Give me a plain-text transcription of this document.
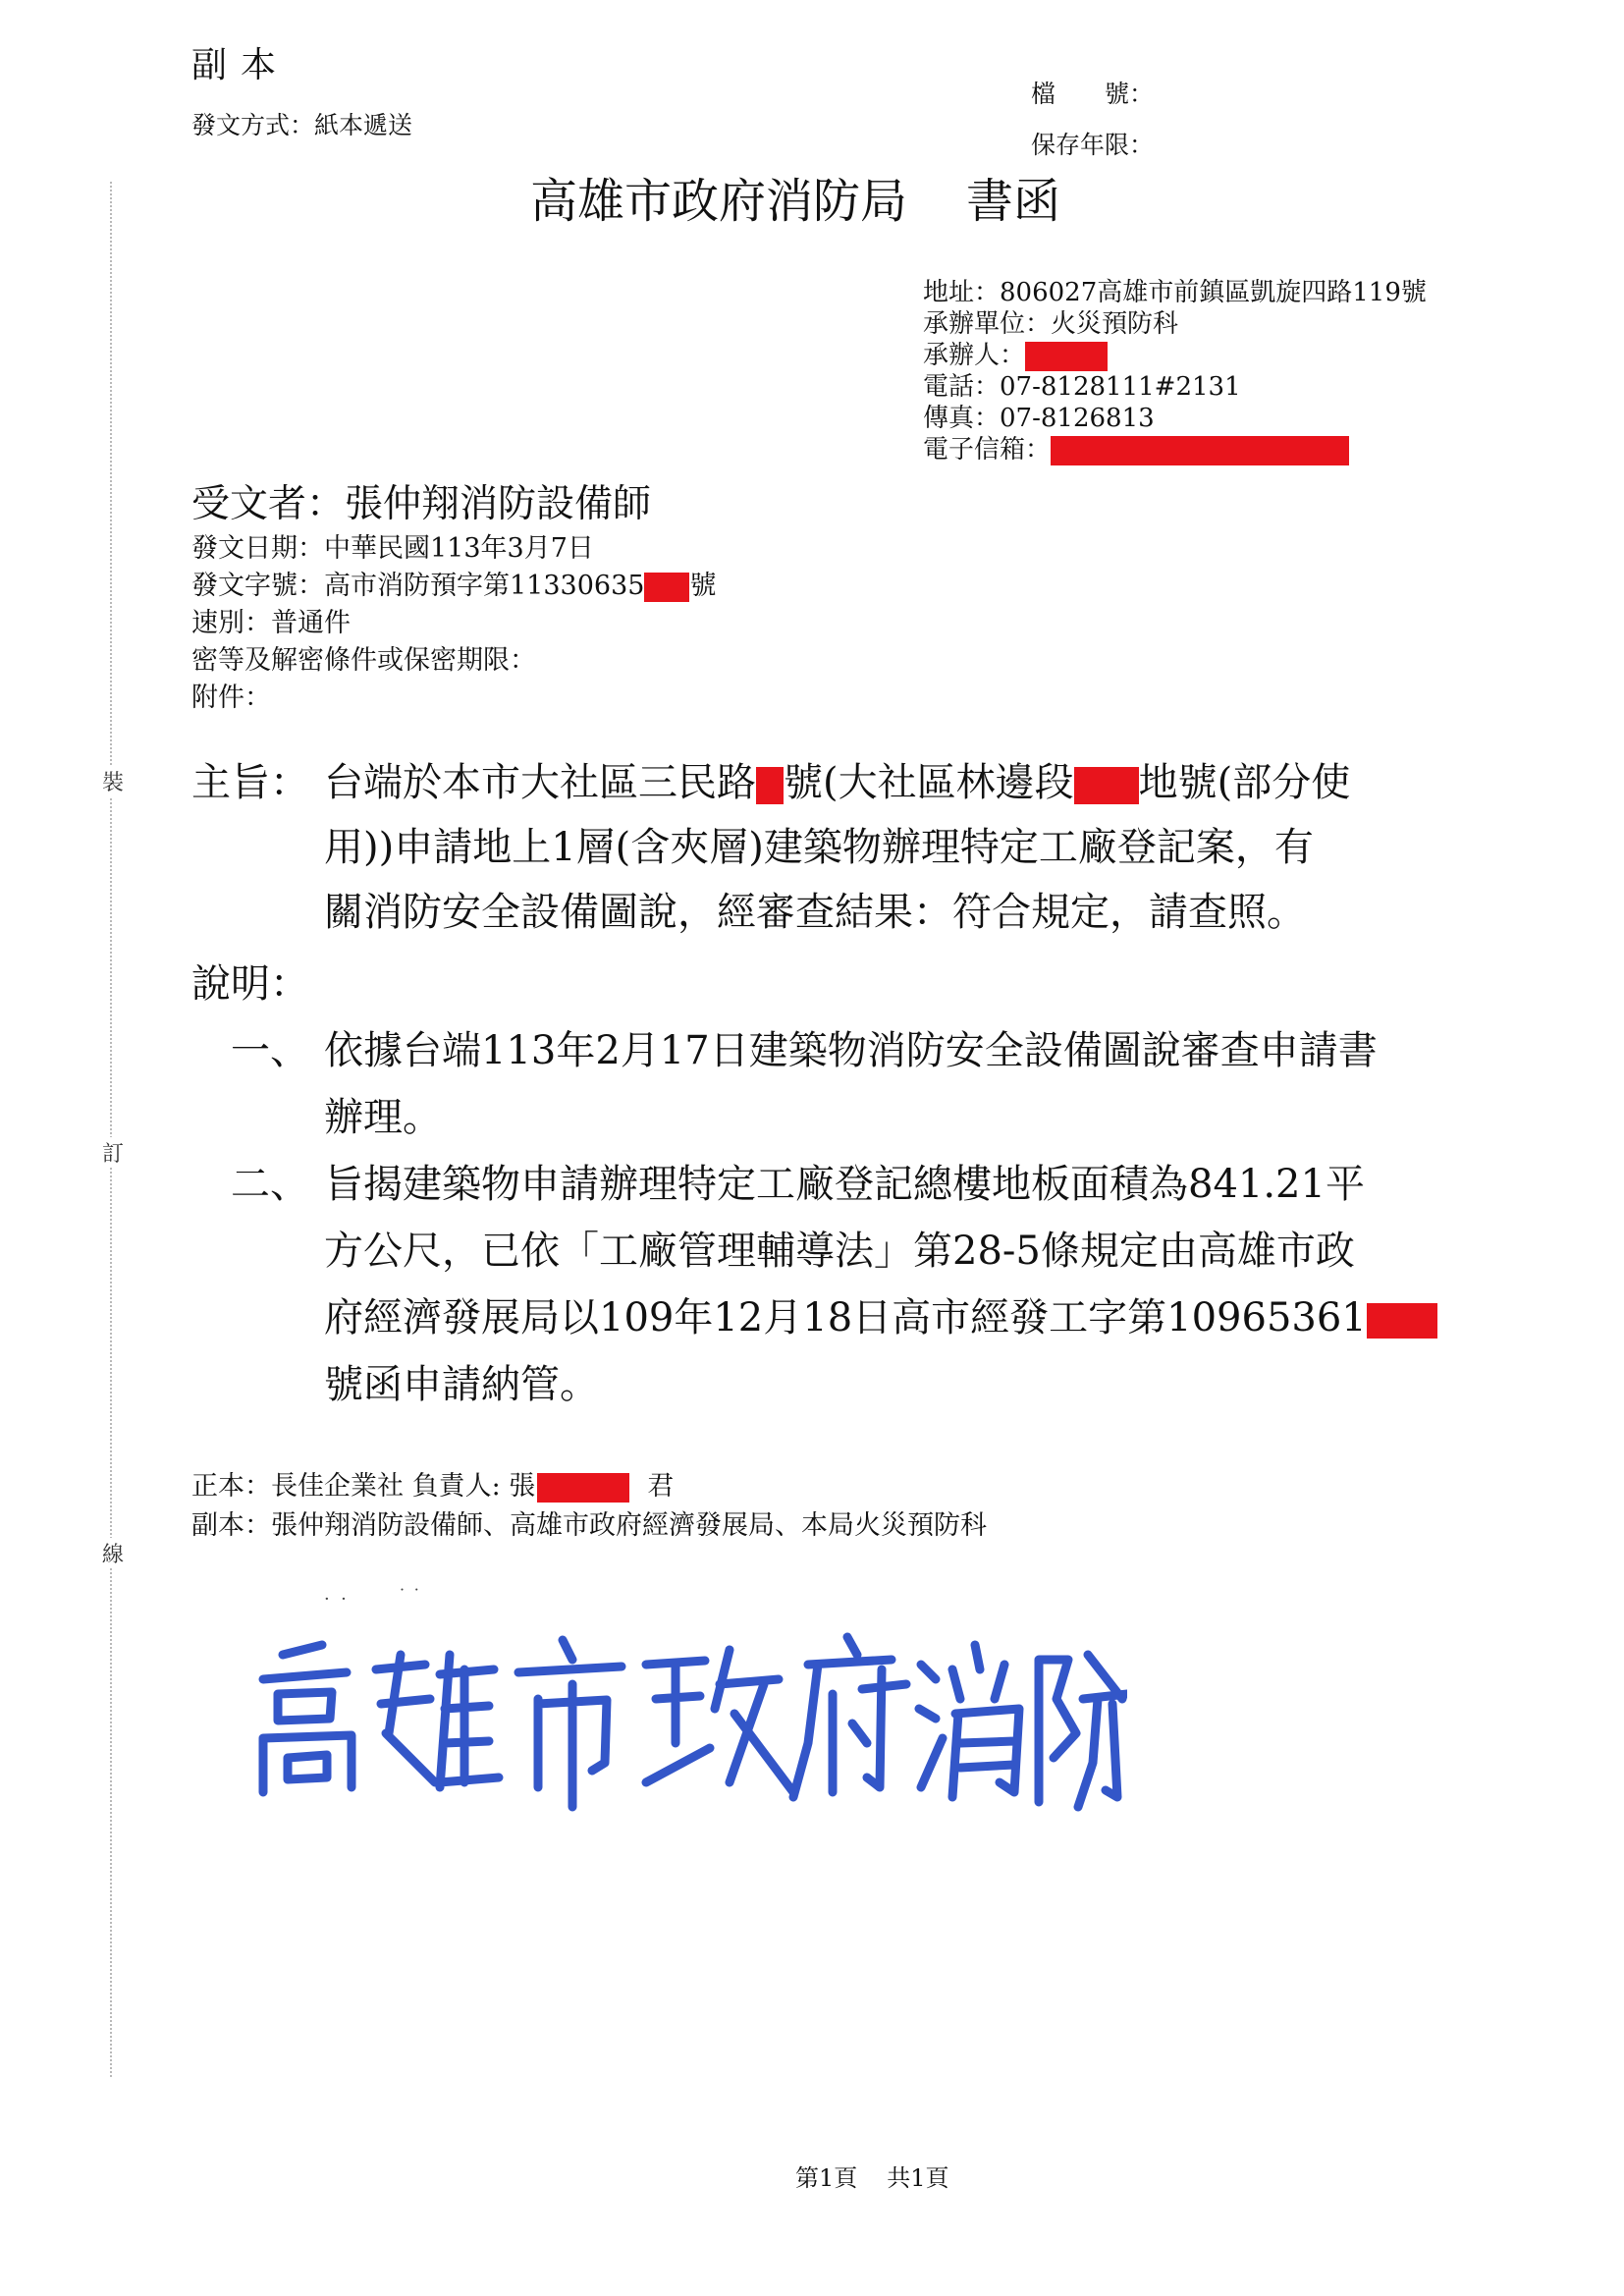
副本
發文方式：紙本遞送
檔　　號：
保存年限：
高雄市政府消防局 書函
地址：806027高雄市前鎮區凱旋四路119號
承辦單位：火災預防科
承辦人：
電話：07-8128111#2131
傳真：07-8126813
電子信箱：
受文者：張仲翔消防設備師
發文日期：中華民國113年3月7日
發文字號：高市消防預字第11330635 號
速別：普通件
密等及解密條件或保密期限：
附件：
主旨： 台端於本市大社區三民路 號(大社區林邊段 地號(部分使
用))申請地上1層(含夾層)建築物辦理特定工廠登記案，有
關消防安全設備圖說，經審查結果：符合規定，請查照。
說明：
一、 依據台端113年2月17日建築物消防安全設備圖說審查申請書
辦理。
二、 旨揭建築物申請辦理特定工廠登記總樓地板面積為841.21平
方公尺，已依「工廠管理輔導法」第28-5條規定由高雄市政
府經濟發展局以109年12月18日高市經發工字第10965361
號函申請納管。
正本：長佳企業社 負責人: 張	君
副本：張仲翔消防設備師、高雄市政府經濟發展局、本局火災預防科
裝
訂
線
·  ·	˙ ˙
第1頁 共1頁
